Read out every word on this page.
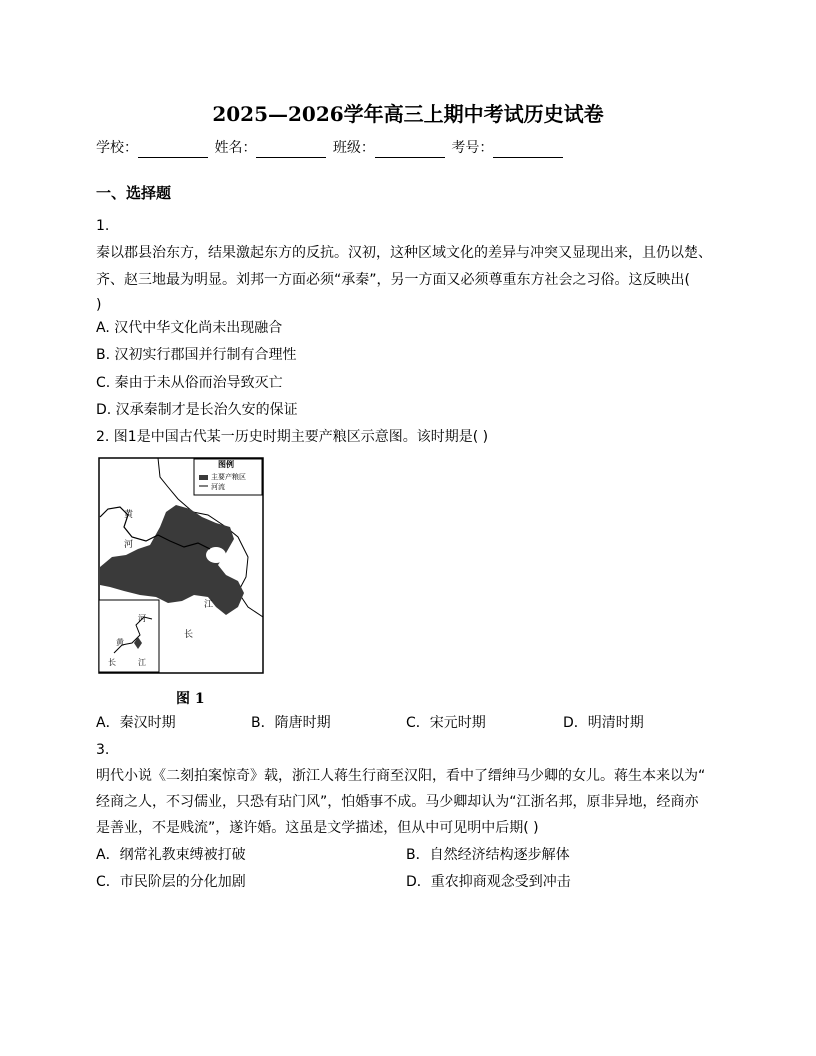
2025—2026学年高三上期中考试历史试卷
学校：	姓名：	班级：	考号：
一、选择题
1.
秦以郡县治东方，结果激起东方的反抗。汉初，这种区域文化的差异与冲突又显现出来，且仍以楚、
齐、赵三地最为明显。刘邦一方面必须“承秦”，另一方面又必须尊重东方社会之习俗。这反映出(
)
A. 汉代中华文化尚未出现融合
B. 汉初实行郡国并行制有合理性
C. 秦由于未从俗而治导致灭亡
D. 汉承秦制才是长治久安的保证
2. 图1是中国古代某一历史时期主要产粮区示意图。该时期是( )
图例
主要产粮区
河流
黄
河
长
江
黄
河
长	江
图 1
A．秦汉时期	B．隋唐时期	C．宋元时期	D．明清时期
3.
明代小说《二刻拍案惊奇》载，浙江人蒋生行商至汉阳，看中了缙绅马少卿的女儿。蒋生本来以为“
经商之人，不习儒业，只恐有玷门风”，怕婚事不成。马少卿却认为“江浙名邦，原非异地，经商亦
是善业，不是贱流”，遂许婚。这虽是文学描述，但从中可见明中后期( )
A．纲常礼教束缚被打破	B．自然经济结构逐步解体
C．市民阶层的分化加剧	D．重农抑商观念受到冲击
